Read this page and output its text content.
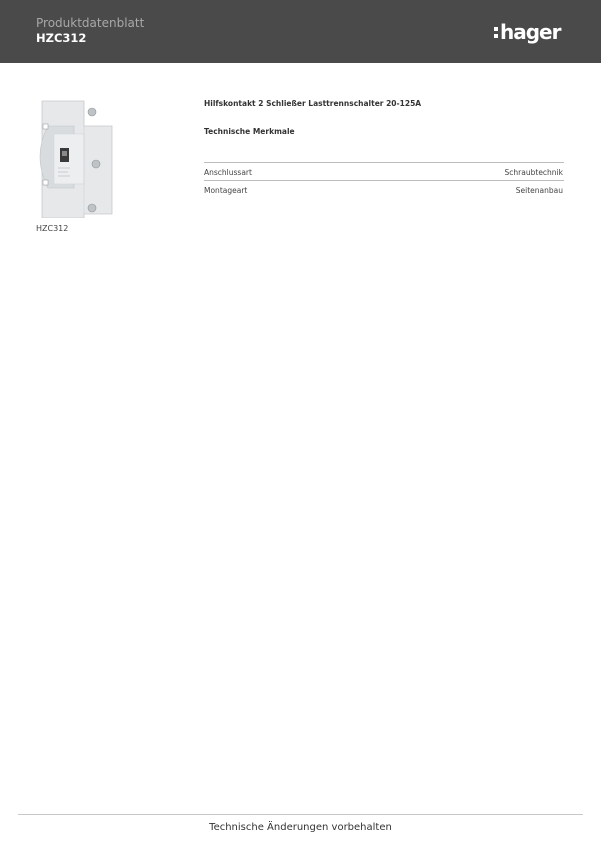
Produktdatenblatt
HZC312	hager
HZC312
Hilfskontakt 2 Schließer Lasttrennschalter 20-125A
Technische Merkmale
Anschlussart	Schraubtechnik
Montageart	Seitenanbau
Technische Änderungen vorbehalten
